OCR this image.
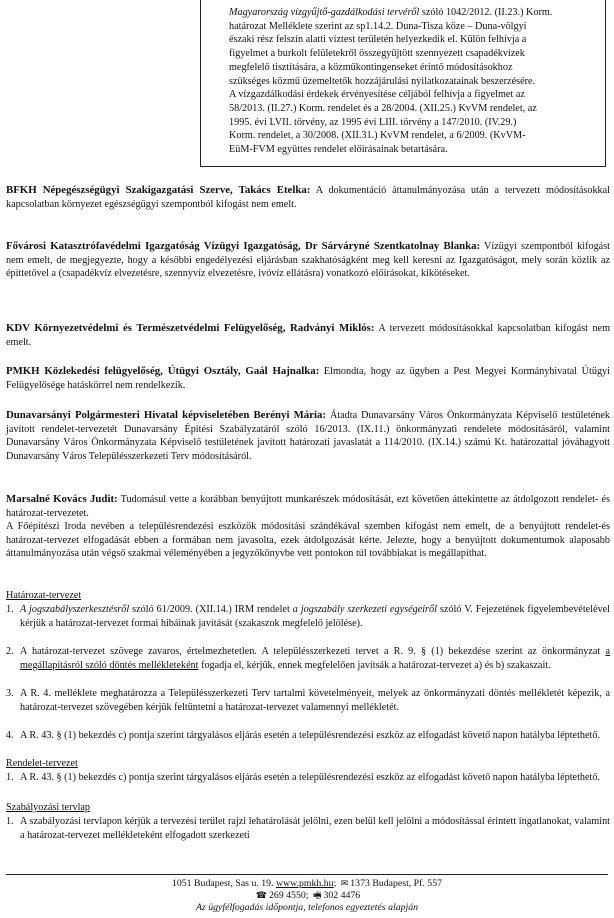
Magyarország vízgyűjtő-gazdálkodási tervéről szóló 1042/2012. (II.23.) Korm.

határozat Melléklete szerint az sp1.14.2. Duna-Tisza köze – Duna-völgyi

északi rész felszín alatti víztest területén helyezkedik el. Külön felhívja a

figyelmet a burkolt felületekről összegyűjtött szennyezett csapadékvizek

megfelelő tisztítására, a közműkontingenseket érintő módosításokhoz

szükséges közmű üzemeltetők hozzájárulási nyilatkozatainak beszerzésére.

A vízgazdálkodási érdekek érvényesítése céljából felhívja a figyelmet az

58/2013. (II.27.) Korm. rendelet és a 28/2004. (XII.25.) KvVM rendelet, az

1995. évi LVII. törvény, az 1995 évi LIII. törvény a 147/2010. (IV.29.)

Korm. rendelet, a 30/2008. (XII.31.) KvVM rendelet, a 6/2009. (KvVM-

EüM-FVM együttes rendelet előírásainak betartására.

BFKH Népegészségügyi Szakigazgatási Szerve, Takács Etelka: A dokumentáció áttanulmányozása után a tervezett módosításokkal kapcsolatban környezet egészségügyi szempontból kifogást nem emelt.

Fővárosi Katasztrófavédelmi Igazgatóság Vízügyi Igazgatóság, Dr Sárváryné Szentkatolnay Blanka: Vízügyi szempontból kifogást nem emelt, de megjegyezte, hogy a későbbi engedélyezési eljárásban szakhatóságként meg kell keresni az Igazgatóságot, mely során közlik az építtetővel a (csapadékvíz elvezetésre, szennyvíz elvezetésre, ivóvíz ellátásra) vonatkozó előírásokat, kikötéseket.

KDV Környezetvédelmi és Természetvédelmi Felügyelőség, Radványi Miklós: A tervezett módosításokkal kapcsolatban kifogást nem emelt.

PMKH Közlekedési felügyelőség, Útügyi Osztály, Gaál Hajnalka: Elmondta, hogy az ügyben a Pest Megyei Kormányhivatal Útügyi Felügyelősége hatáskörrel nem rendelkezik.

Dunavarsányi Polgármesteri Hivatal képviseletében Berényi Mária: Átadta Dunavarsány Város Önkormányzata Képviselő testületének javított rendelet-tervezetét Dunavarsány Építési Szabályzatáról szóló 16/2013. (IX.11.) önkormányzati rendelete módosításáról, valamint Dunavarsány Város Önkormányzata Képviselő testületének javított határozati javaslatát a 114/2010. (IX.14.) számú Kt. határozattal jóváhagyott Dunavarsány Város Településszerkezeti Terv módosításáról.

Marsalné Kovács Judit: Tudomásul vette a korábban benyújtott munkarészek módosítását, ezt követően áttekintette az átdolgozott rendelet- és határozat-tervezetet.

A Főépítészi Iroda nevében a településrendezési eszközök módosítási szándékával szemben kifogást nem emelt, de a benyújtott rendelet-és határozat-tervezet elfogadását ebben a formában nem javasolta, ezek átdolgozását kérte. Jelezte, hogy a benyújtott dokumentumok alaposabb áttanulmányozása után végső szakmai véleményében a jegyzőkönyvbe vett pontokon túl továbbiakat is megállapíthat.

Határozat-tervezet
1. A jogszabályszerkesztésről szóló 61/2009. (XII.14.) IRM rendelet a jogszabály szerkezeti egységeiről szóló V. Fejezetének figyelembevételével kérjük a határozat-tervezet formai hibáinak javítását (szakaszok megfelelő jelölése).
2. A határozat-tervezet szövege zavaros, értelmezhetetlen. A településszerkezeti tervet a R. 9. § (1) bekezdése szerint az önkormányzat a megállapításról szóló döntés mellékleteként fogadja el, kérjük, ennek megfelelően javítsák a határozat-tervezet a) és b) szakaszait.
3. A R. 4. melléklete meghatározza a Településszerkezeti Terv tartalmi követelményeit, melyek az önkormányzati döntés mellékletét képezik, a határozat-tervezet szövegében kérjük feltüntetni a határozat-tervezet valamennyi mellékletét.
4. A R. 43. § (1) bekezdés c) pontja szerint tárgyalásos eljárás esetén a településrendezési eszköz az elfogadást követő napon hatályba léptethető.
Rendelet-tervezet
1. A R. 43. § (1) bekezdés c) pontja szerint tárgyalásos eljárás esetén a településrendezési eszköz az elfogadást követő napon hatályba léptethető.
Szabályozási tervlap
1. A szabályozási tervlapon kérjük a tervezési terület rajzi lehatárolását jelölni, ezen belül kell jelölni a módosítással érintett ingatlanokat, valamint a határozat-tervezet mellékleteként elfogadott szerkezeti
1051 Budapest, Sas u. 19. www.pmkh.hu; ✉ 1373 Budapest, Pf. 557
☎ 269 4550; 🖷 302 4476
Az ügyfélfogadás időpontja, telefonos egyeztetés alapján
